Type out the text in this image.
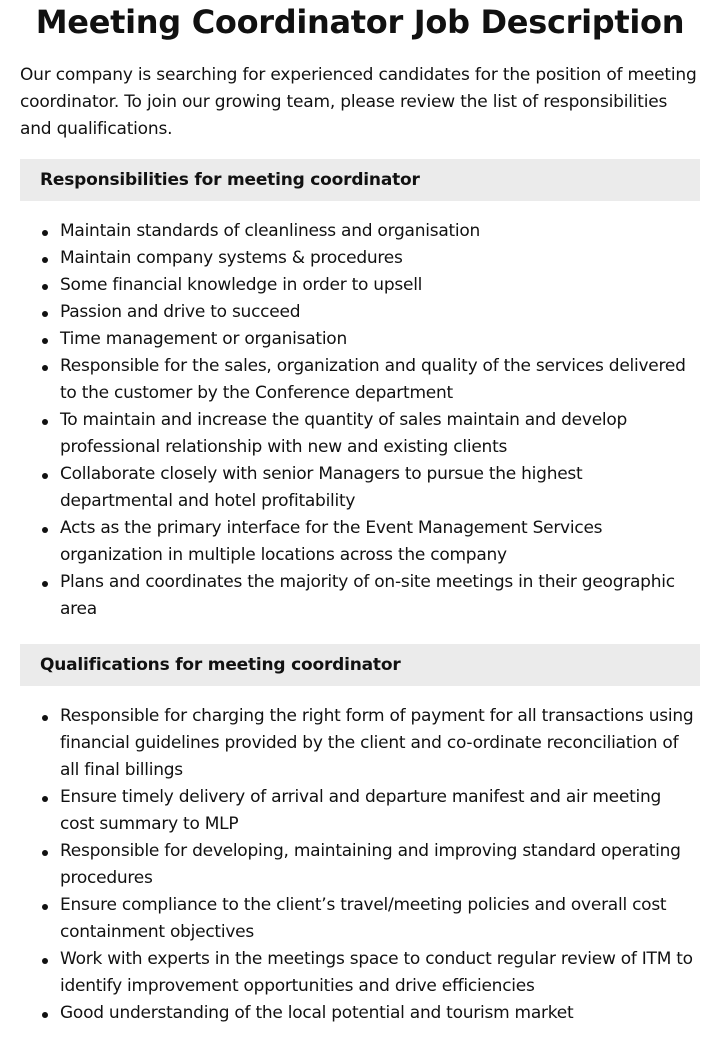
Meeting Coordinator Job Description

Our company is searching for experienced candidates for the position of meeting coordinator. To join our growing team, please review the list of responsibilities and qualifications.

Responsibilities for meeting coordinator
Maintain standards of cleanliness and organisation
Maintain company systems & procedures
Some financial knowledge in order to upsell
Passion and drive to succeed
Time management or organisation
Responsible for the sales, organization and quality of the services delivered to the customer by the Conference department
To maintain and increase the quantity of sales maintain and develop professional relationship with new and existing clients
Collaborate closely with senior Managers to pursue the highest departmental and hotel profitability
Acts as the primary interface for the Event Management Services organization in multiple locations across the company
Plans and coordinates the majority of on-site meetings in their geographic area
Qualifications for meeting coordinator
Responsible for charging the right form of payment for all transactions using financial guidelines provided by the client and co-ordinate reconciliation of all final billings
Ensure timely delivery of arrival and departure manifest and air meeting cost summary to MLP
Responsible for developing, maintaining and improving standard operating procedures
Ensure compliance to the client’s travel/meeting policies and overall cost containment objectives
Work with experts in the meetings space to conduct regular review of ITM to identify improvement opportunities and drive efficiencies
Good understanding of the local potential and tourism market
